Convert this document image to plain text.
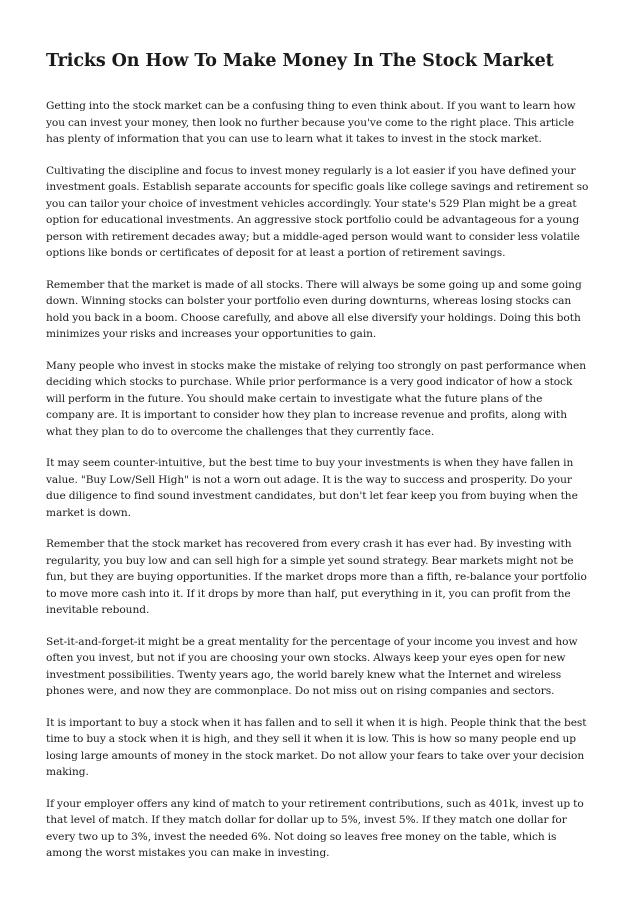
Tricks On How To Make Money In The Stock Market

Getting into the stock market can be a confusing thing to even think about. If you want to learn how you can invest your money, then look no further because you've come to the right place. This article has plenty of information that you can use to learn what it takes to invest in the stock market.

Cultivating the discipline and focus to invest money regularly is a lot easier if you have defined your investment goals. Establish separate accounts for specific goals like college savings and retirement so you can tailor your choice of investment vehicles accordingly. Your state's 529 Plan might be a great option for educational investments. An aggressive stock portfolio could be advantageous for a young person with retirement decades away; but a middle-aged person would want to consider less volatile options like bonds or certificates of deposit for at least a portion of retirement savings.

Remember that the market is made of all stocks. There will always be some going up and some going down. Winning stocks can bolster your portfolio even during downturns, whereas losing stocks can hold you back in a boom. Choose carefully, and above all else diversify your holdings. Doing this both minimizes your risks and increases your opportunities to gain.

Many people who invest in stocks make the mistake of relying too strongly on past performance when deciding which stocks to purchase. While prior performance is a very good indicator of how a stock will perform in the future. You should make certain to investigate what the future plans of the company are. It is important to consider how they plan to increase revenue and profits, along with what they plan to do to overcome the challenges that they currently face.

It may seem counter-intuitive, but the best time to buy your investments is when they have fallen in value. "Buy Low/Sell High" is not a worn out adage. It is the way to success and prosperity. Do your due diligence to find sound investment candidates, but don't let fear keep you from buying when the market is down.

Remember that the stock market has recovered from every crash it has ever had. By investing with regularity, you buy low and can sell high for a simple yet sound strategy. Bear markets might not be fun, but they are buying opportunities. If the market drops more than a fifth, re-balance your portfolio to move more cash into it. If it drops by more than half, put everything in it, you can profit from the inevitable rebound.

Set-it-and-forget-it might be a great mentality for the percentage of your income you invest and how often you invest, but not if you are choosing your own stocks. Always keep your eyes open for new investment possibilities. Twenty years ago, the world barely knew what the Internet and wireless phones were, and now they are commonplace. Do not miss out on rising companies and sectors.

It is important to buy a stock when it has fallen and to sell it when it is high. People think that the best time to buy a stock when it is high, and they sell it when it is low. This is how so many people end up losing large amounts of money in the stock market. Do not allow your fears to take over your decision making.

If your employer offers any kind of match to your retirement contributions, such as 401k, invest up to that level of match. If they match dollar for dollar up to 5%, invest 5%. If they match one dollar for every two up to 3%, invest the needed 6%. Not doing so leaves free money on the table, which is among the worst mistakes you can make in investing.
